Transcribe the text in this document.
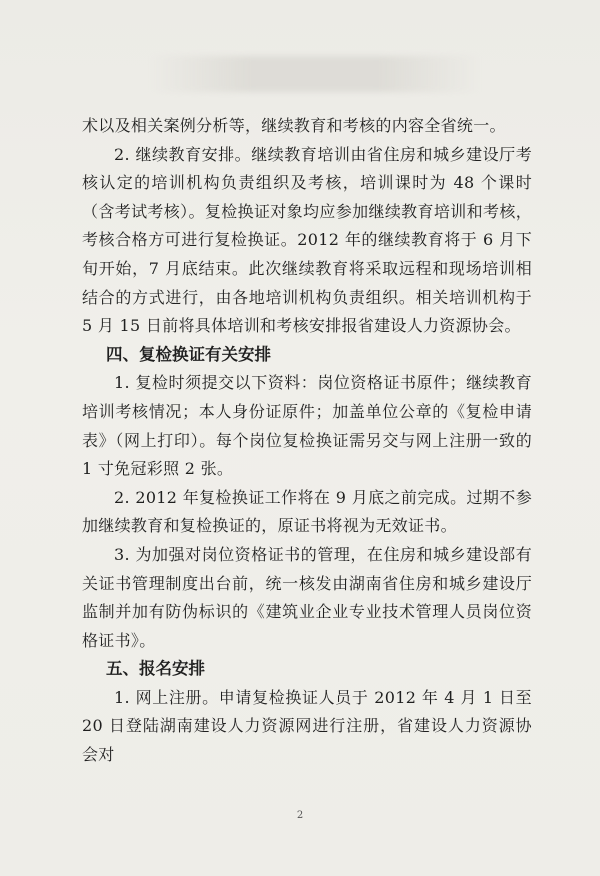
术以及相关案例分析等，继续教育和考核的内容全省统一。

2. 继续教育安排。继续教育培训由省住房和城乡建设厅考核认定的培训机构负责组织及考核，培训课时为 48 个课时（含考试考核）。复检换证对象均应参加继续教育培训和考核，考核合格方可进行复检换证。2012 年的继续教育将于 6 月下旬开始，7 月底结束。此次继续教育将采取远程和现场培训相结合的方式进行，由各地培训机构负责组织。相关培训机构于 5 月 15 日前将具体培训和考核安排报省建设人力资源协会。

四、复检换证有关安排

1. 复检时须提交以下资料：岗位资格证书原件；继续教育培训考核情况；本人身份证原件；加盖单位公章的《复检申请表》（网上打印）。每个岗位复检换证需另交与网上注册一致的 1 寸免冠彩照 2 张。

2. 2012 年复检换证工作将在 9 月底之前完成。过期不参加继续教育和复检换证的，原证书将视为无效证书。

3. 为加强对岗位资格证书的管理，在住房和城乡建设部有关证书管理制度出台前，统一核发由湖南省住房和城乡建设厅监制并加有防伪标识的《建筑业企业专业技术管理人员岗位资格证书》。

五、报名安排

1. 网上注册。申请复检换证人员于 2012 年 4 月 1 日至 20 日登陆湖南建设人力资源网进行注册，省建设人力资源协会对

2
